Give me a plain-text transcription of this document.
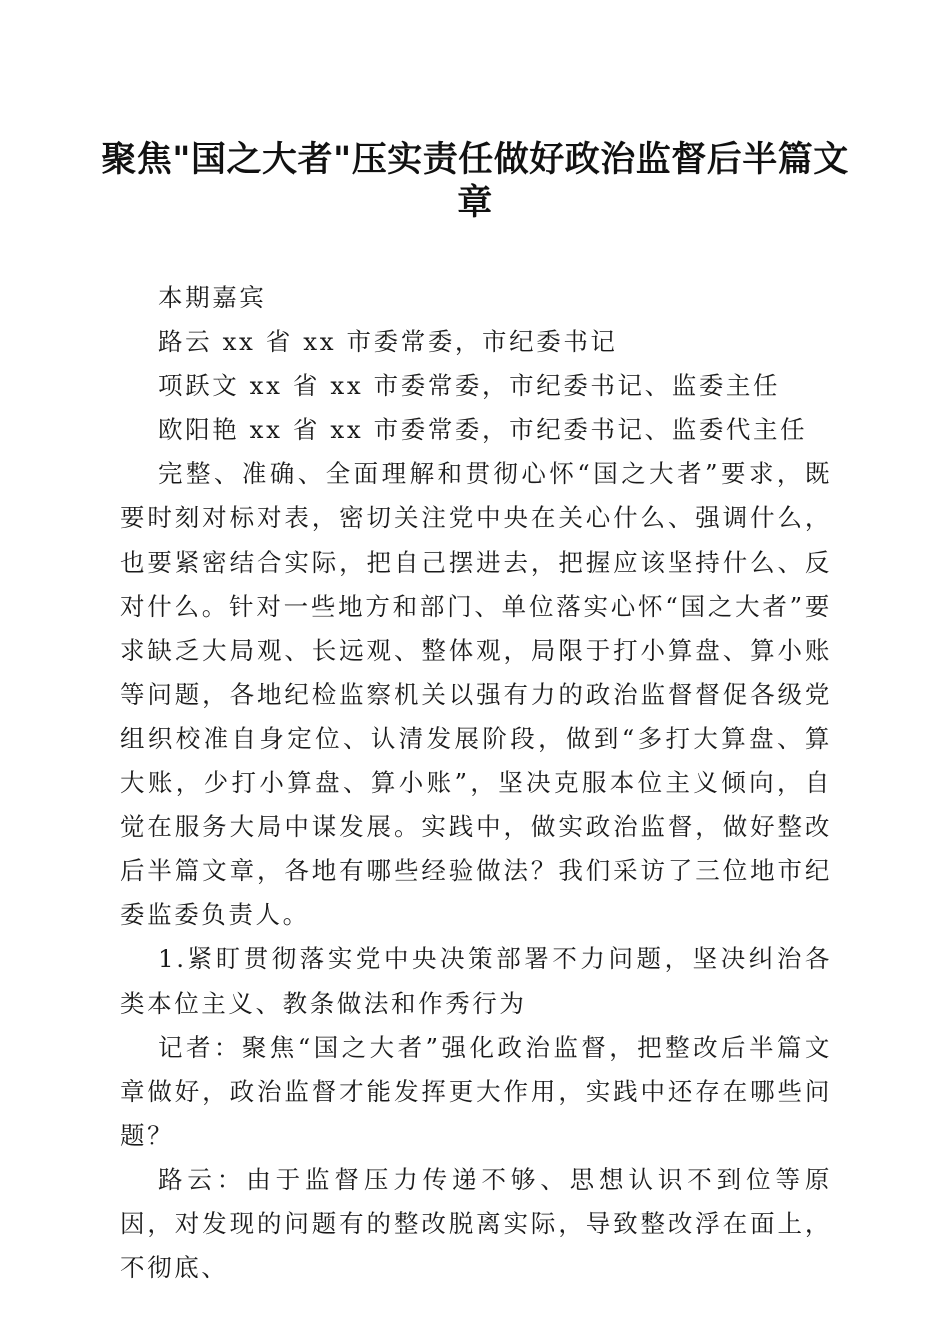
聚焦"国之大者"压实责任做好政治监督后半篇文章

本期嘉宾

路云 xx 省 xx 市委常委，市纪委书记

项跃文 xx 省 xx 市委常委，市纪委书记、监委主任

欧阳艳 xx 省 xx 市委常委，市纪委书记、监委代主任

完整、准确、全面理解和贯彻心怀“国之大者”要求，既要时刻对标对表，密切关注党中央在关心什么、强调什么，也要紧密结合实际，把自己摆进去，把握应该坚持什么、反对什么。针对一些地方和部门、单位落实心怀“国之大者”要求缺乏大局观、长远观、整体观，局限于打小算盘、算小账等问题，各地纪检监察机关以强有力的政治监督督促各级党组织校准自身定位、认清发展阶段，做到“多打大算盘、算大账，少打小算盘、算小账”，坚决克服本位主义倾向，自觉在服务大局中谋发展。实践中，做实政治监督，做好整改后半篇文章，各地有哪些经验做法？我们采访了三位地市纪委监委负责人。

1.紧盯贯彻落实党中央决策部署不力问题，坚决纠治各类本位主义、教条做法和作秀行为

记者：聚焦“国之大者”强化政治监督，把整改后半篇文章做好，政治监督才能发挥更大作用，实践中还存在哪些问题？

路云：由于监督压力传递不够、思想认识不到位等原因，对发现的问题有的整改脱离实际，导致整改浮在面上，不彻底、
